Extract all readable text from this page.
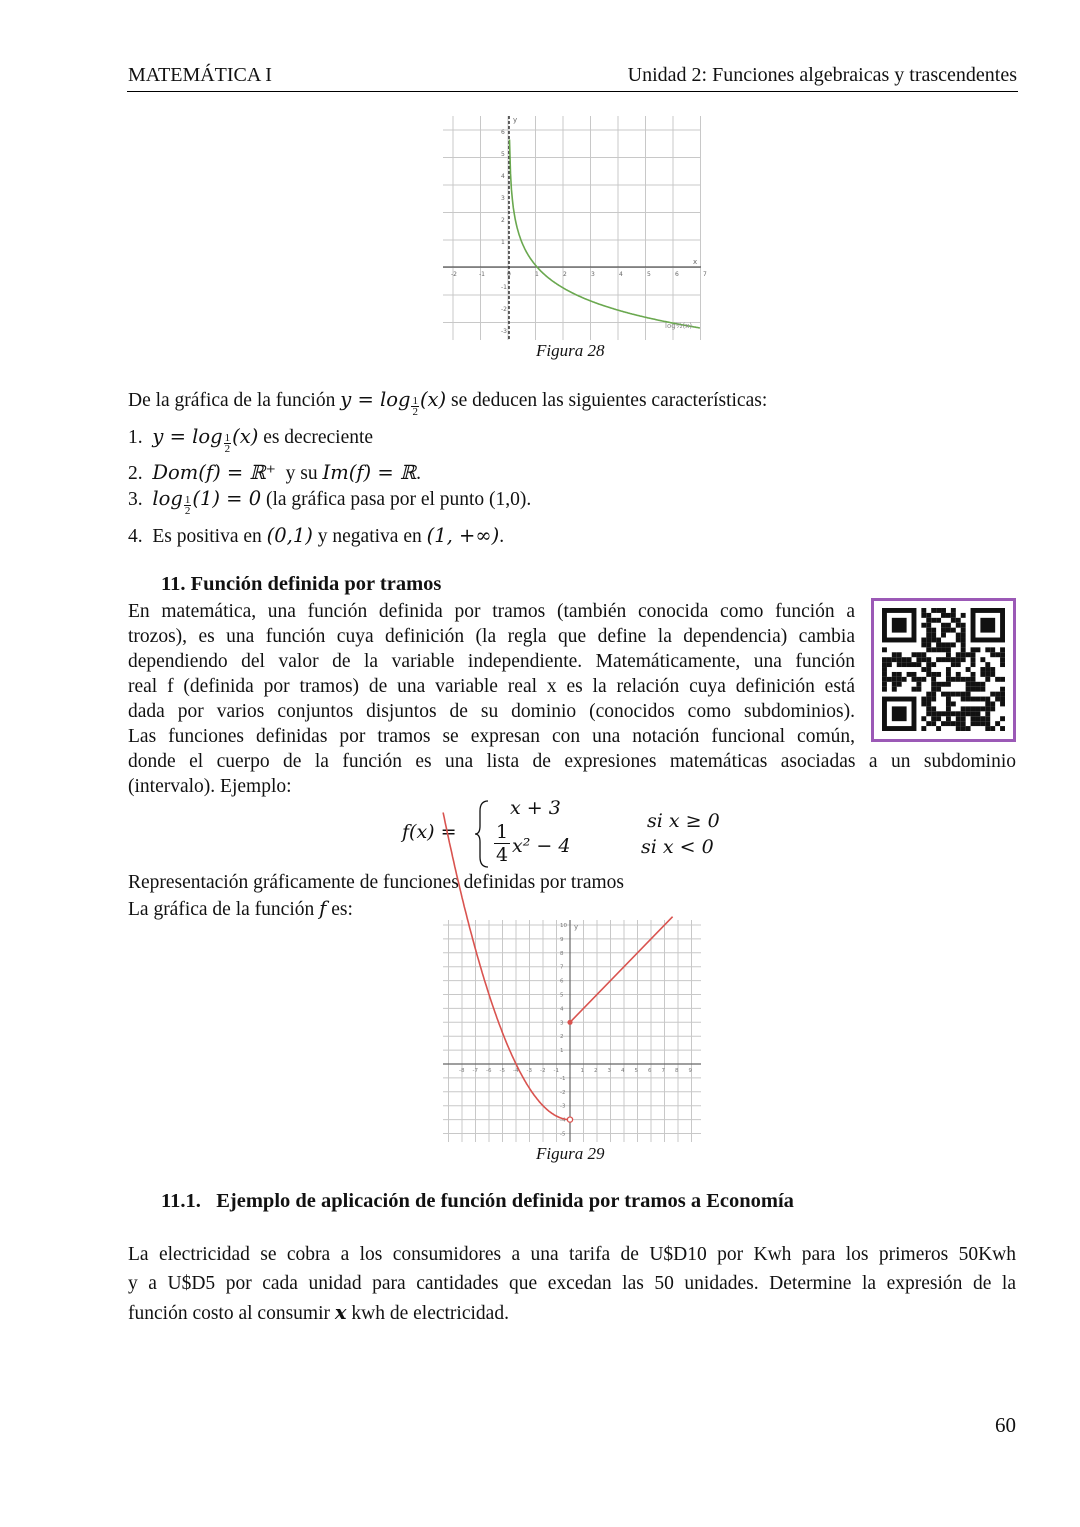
MATEMÁTICA I	Unidad 2: Funciones algebraicas y trascendentes
-2	-1	0	1	2	3	4	5	6	7
6
5
4
3
2
1
-1
-2
-3
y
x
log½(x)
Figura 28
De la gráfica de la función $y = \log \frac{1}{2} (x)$ se deducen las siguientes características:
1. $y = \log \frac{1}{2} (x)$ es decreciente
2. Dom(f) = ℝ⁺  y su Im(f) = ℝ.
3. $\log \frac{1}{2} (1) = 0$ (la gráfica pasa por el punto (1,0).
4. Es positiva en (0,1) y negativa en (1, +∞).
11. Función definida por tramos
En matemática, una función definida por tramos (también conocida como función a
trozos), es una función cuya definición (la regla que define la dependencia) cambia
dependiendo del valor de la variable independiente. Matemáticamente, una función
real f (definida por tramos) de una variable real x es la relación cuya definición está
dada por varios conjuntos disjuntos de su dominio (conocidos como subdominios).
Las funciones definidas por tramos se expresan con una notación funcional común,
donde el cuerpo de la función es una lista de expresiones matemáticas asociadas a un subdominio
(intervalo). Ejemplo:
f(x) =
x + 3
si x ≥ 0
1
4 x² − 4	si x < 0
Representación gráficamente de funciones definidas por tramos
La gráfica de la función f es:
-8 -7 -6 -5 -4 -3 -2 -1	1 2 3 4 5 6 7 8 9
-5
-4
-3
-2
-1
1
2
3
4
5
6
7
8
9
10 y
Figura 29
11.1. Ejemplo de aplicación de función definida por tramos a Economía
La electricidad se cobra a los consumidores a una tarifa de U$D10 por Kwh para los primeros 50Kwh
y a U$D5 por cada unidad para cantidades que excedan las 50 unidades. Determine la expresión de la
función costo al consumir x kwh de electricidad.
60
